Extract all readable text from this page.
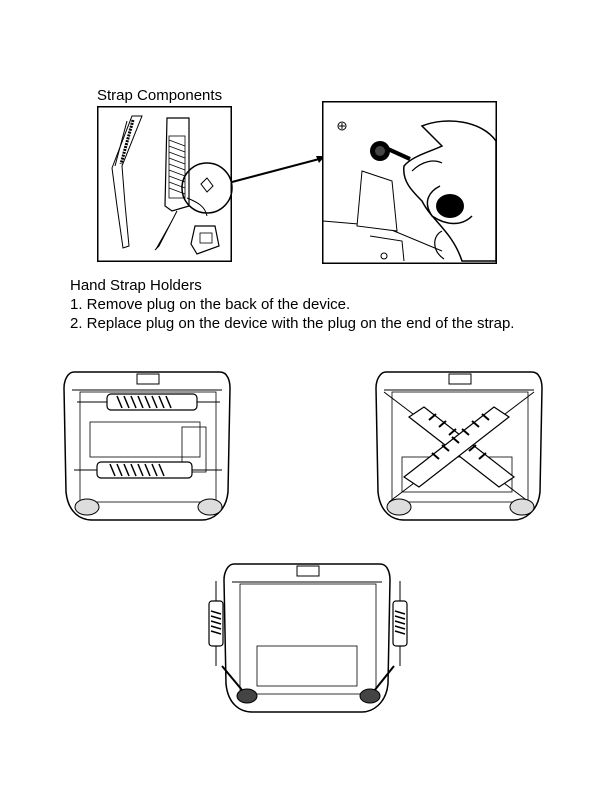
Strap Components
Hand Strap Holders
1. Remove plug on the back of the device.
2. Replace plug on the device with the plug on the end of the strap.
